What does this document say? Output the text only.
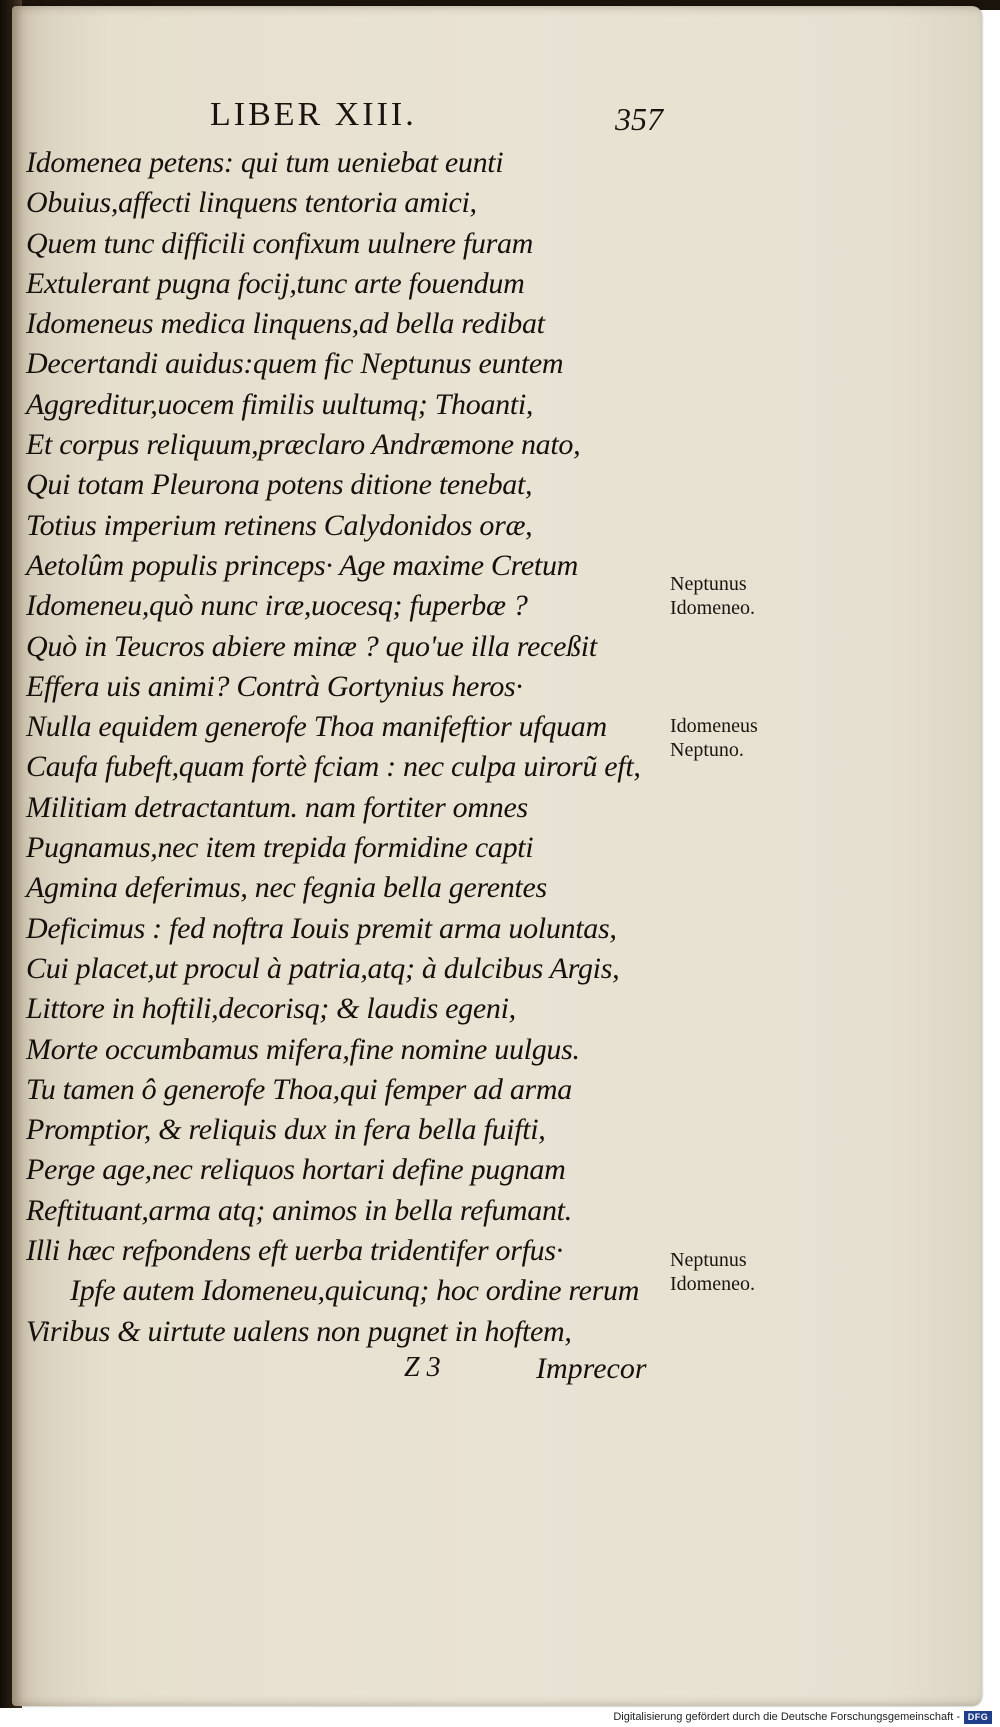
LIBER XIII.	357
Idomenea petens: qui tum ueniebat eunti
Obuius,affecti linquens tentoria amici,
Quem tunc difficili confixum uulnere furam
Extulerant pugna focij,tunc arte fouendum
Idomeneus medica linquens,ad bella redibat
Decertandi auidus:quem fic Neptunus euntem
Aggreditur,uocem fimilis uultumq; Thoanti,
Et corpus reliquum,præclaro Andræmone nato,
Qui totam Pleurona potens ditione tenebat,
Totius imperium retinens Calydonidos oræ,
Aetolûm populis princeps· Age maxime Cretum
Idomeneu,quò nunc iræ,uocesq; fuperbæ ?
Quò in Teucros abiere minæ ? quo'ue illa receßit
Effera uis animi? Contrà Gortynius heros·
Nulla equidem generofe Thoa manifeftior ufquam
Caufa fubeft,quam fortè fciam : nec culpa uirorũ eft,
Militiam detractantum. nam fortiter omnes
Pugnamus,nec item trepida formidine capti
Agmina deferimus, nec fegnia bella gerentes
Deficimus : fed noftra Iouis premit arma uoluntas,
Cui placet,ut procul à patria,atq; à dulcibus Argis,
Littore in hoftili,decorisq; & laudis egeni,
Morte occumbamus mifera,fine nomine uulgus.
Tu tamen ô generofe Thoa,qui femper ad arma
Promptior, & reliquis dux in fera bella fuifti,
Perge age,nec reliquos hortari define pugnam
Reftituant,arma atq; animos in bella refumant.
Illi hæc refpondens eft uerba tridentifer orfus·
Ipfe autem Idomeneu,quicunq; hoc ordine rerum
Viribus & uirtute ualens non pugnet in hoftem,
Neptunus
Idomeneo.
Idomeneus
Neptuno.
Neptunus
Idomeneo.
Z 3	Imprecor
Digitalisierung gefördert durch die Deutsche Forschungsgemeinschaft - DFG
